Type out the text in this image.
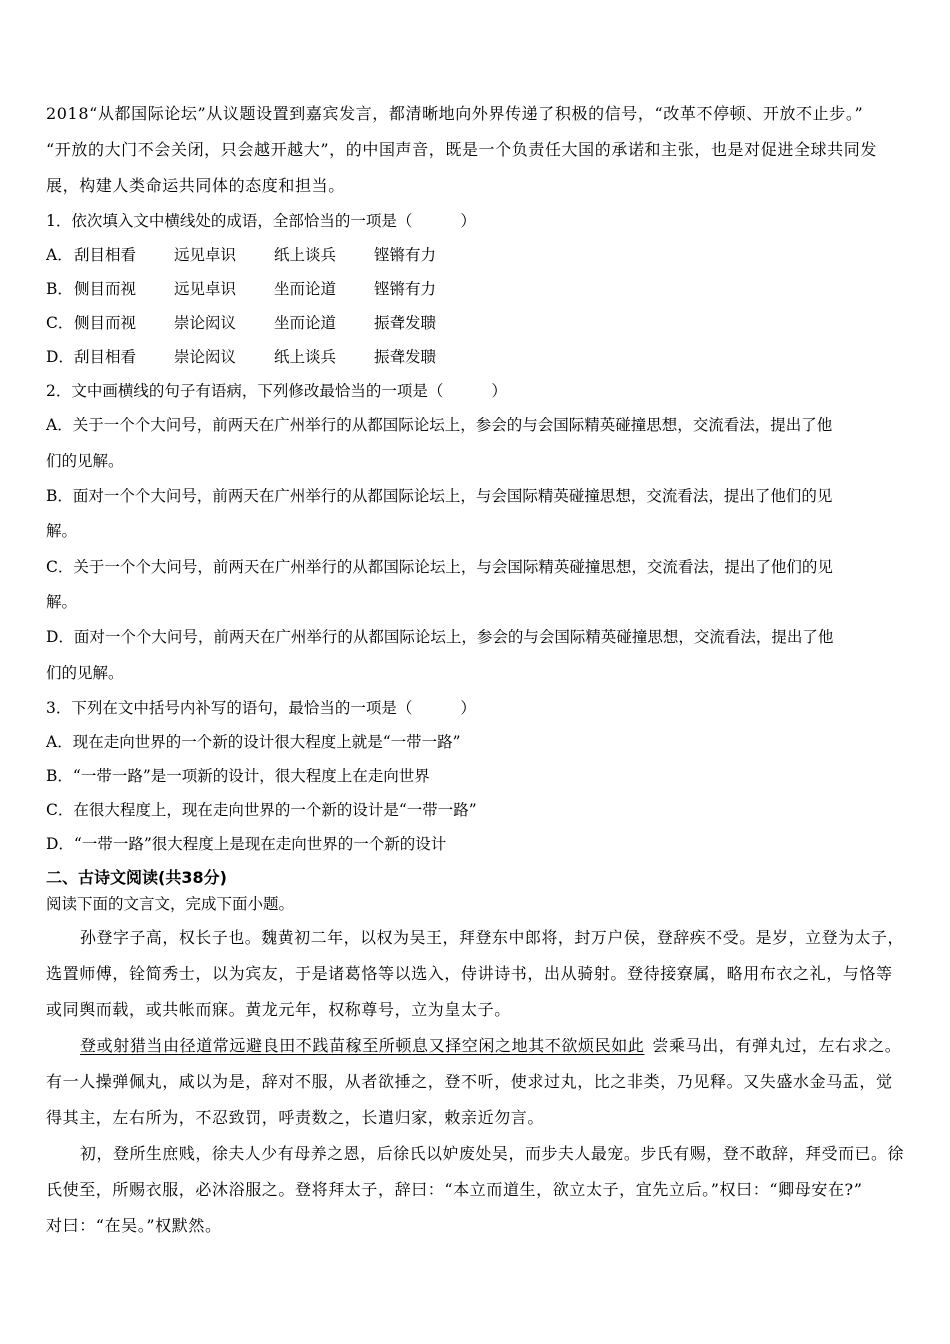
2018“从都国际论坛”从议题设置到嘉宾发言，都清晰地向外界传递了积极的信号，“改革不停顿、开放不止步。”
“开放的大门不会关闭，只会越开越大”，的中国声音，既是一个负责任大国的承诺和主张，也是对促进全球共同发
展，构建人类命运共同体的态度和担当。
1．依次填入文中横线处的成语，全部恰当的一项是（	）
A．刮目相看 远见卓识 纸上谈兵 铿锵有力
B．侧目而视 远见卓识 坐而论道 铿锵有力
C．侧目而视 崇论闳议 坐而论道 振聋发聩
D．刮目相看 崇论闳议 纸上谈兵 振聋发聩
2．文中画横线的句子有语病，下列修改最恰当的一项是（	）
A．关于一个个大问号，前两天在广州举行的从都国际论坛上，参会的与会国际精英碰撞思想，交流看法，提出了他
们的见解。
B．面对一个个大问号，前两天在广州举行的从都国际论坛上，与会国际精英碰撞思想，交流看法，提出了他们的见
解。
C．关于一个个大问号，前两天在广州举行的从都国际论坛上，与会国际精英碰撞思想，交流看法，提出了他们的见
解。
D．面对一个个大问号，前两天在广州举行的从都国际论坛上，参会的与会国际精英碰撞思想，交流看法，提出了他
们的见解。
3．下列在文中括号内补写的语句，最恰当的一项是（	）
A．现在走向世界的一个新的设计很大程度上就是“一带一路”
B．“一带一路”是一项新的设计，很大程度上在走向世界
C．在很大程度上，现在走向世界的一个新的设计是“一带一路”
D．“一带一路”很大程度上是现在走向世界的一个新的设计
二、古诗文阅读(共38分)
阅读下面的文言文，完成下面小题。
孙登字子高，权长子也。魏黄初二年，以权为吴王，拜登东中郎将，封万户侯，登辞疾不受。是岁，立登为太子，
选置师傅，铨简秀士，以为宾友，于是诸葛恪等以选入，侍讲诗书，出从骑射。登待接寮属，略用布衣之礼，与恪等
或同舆而载，或共帐而寐。黄龙元年，权称尊号，立为皇太子。
登或射猎当由径道常远避良田不践苗稼至所顿息又择空闲之地其不欲烦民如此 尝乘马出，有弹丸过，左右求之。
有一人操弹佩丸，咸以为是，辞对不服，从者欲捶之，登不听，使求过丸，比之非类，乃见释。又失盛水金马盂，觉
得其主，左右所为，不忍致罚，呼责数之，长遣归家，敕亲近勿言。
初，登所生庶贱，徐夫人少有母养之恩，后徐氏以妒废处吴，而步夫人最宠。步氏有赐，登不敢辞，拜受而已。徐
氏使至，所赐衣服，必沐浴服之。登将拜太子，辞曰：“本立而道生，欲立太子，宜先立后。”权曰：“卿母安在?”
对曰：“在吴。”权默然。
